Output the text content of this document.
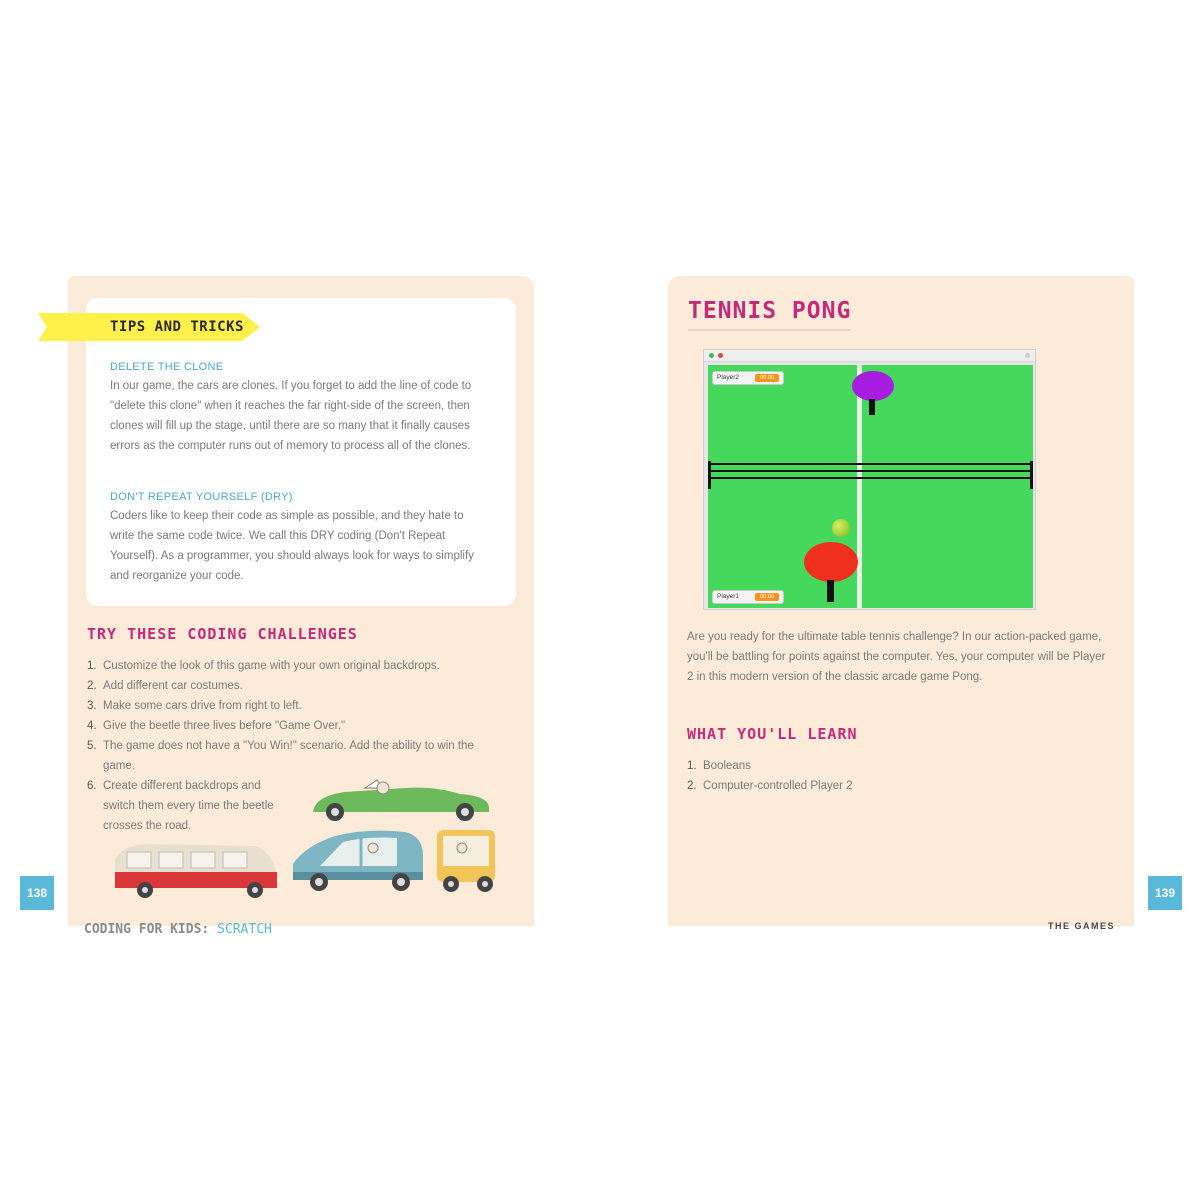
TIPS AND TRICKS
DELETE THE CLONE
In our game, the cars are clones. If you forget to add the line of code to "delete this clone" when it reaches the far right-side of the screen, then clones will fill up the stage, until there are so many that it finally causes errors as the computer runs out of memory to process all of the clones.
DON'T REPEAT YOURSELF (DRY)
Coders like to keep their code as simple as possible, and they hate to write the same code twice. We call this DRY coding (Don't Repeat Yourself). As a programmer, you should always look for ways to simplify and reorganize your code.
TRY THESE CODING CHALLENGES
1. Customize the look of this game with your own original backdrops.
2. Add different car costumes.
3. Make some cars drive from right to left.
4. Give the beetle three lives before "Game Over."
5. The game does not have a "You Win!" scenario. Add the ability to win the game.
6. Create different backdrops and switch them every time the beetle crosses the road.
138
CODING FOR KIDS: SCRATCH
TENNIS PONG
Player2	00.00
Player1	00.00
Are you ready for the ultimate table tennis challenge? In our action-packed game, you'll be battling for points against the computer. Yes, your computer will be Player 2 in this modern version of the classic arcade game Pong.
WHAT YOU'LL LEARN
1. Booleans
2. Computer-controlled Player 2
139
THE GAMES
